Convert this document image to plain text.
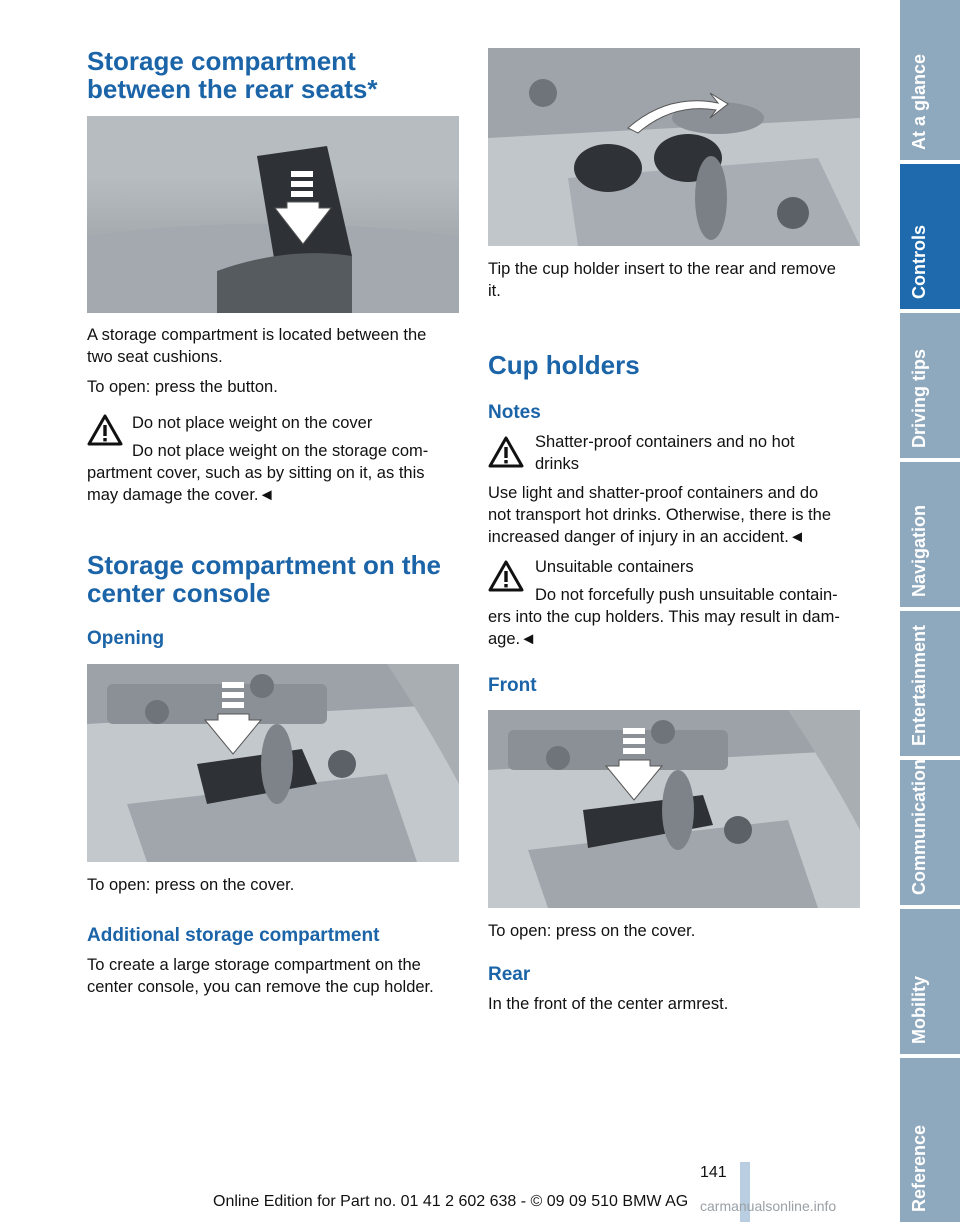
Storage compartment
between the rear seats*
A storage compartment is located between the
two seat cushions.
To open: press the button.
Do not place weight on the cover
Do not place weight on the storage com-
partment cover, such as by sitting on it, as this
may damage the cover.◄
Storage compartment on the
center console
Opening
To open: press on the cover.
Additional storage compartment
To create a large storage compartment on the
center console, you can remove the cup holder.
Tip the cup holder insert to the rear and remove
it.
Cup holders
Notes
Shatter-proof containers and no hot
drinks
Use light and shatter-proof containers and do
not transport hot drinks. Otherwise, there is the
increased danger of injury in an accident.◄
Unsuitable containers
Do not forcefully push unsuitable contain-
ers into the cup holders. This may result in dam-
age.◄
Front
To open: press on the cover.
Rear
In the front of the center armrest.
At a glance
Controls
Driving tips
Navigation
Entertainment
Communication
Mobility
Reference
141
Online Edition for Part no. 01 41 2 602 638 - © 09 09 510 BMW AG carmanualsonline.info
